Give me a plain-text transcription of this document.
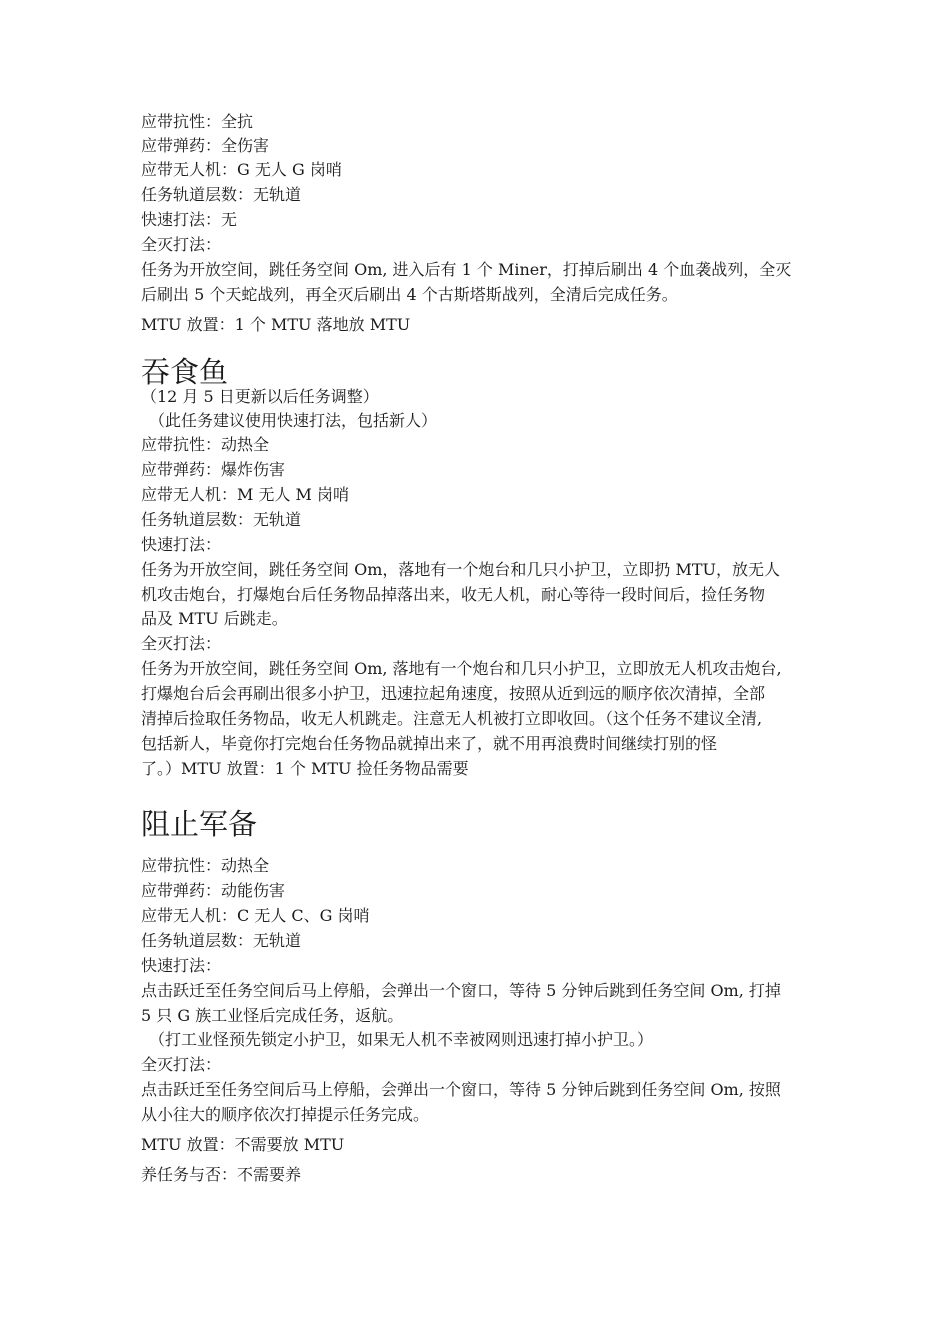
应带抗性：全抗
应带弹药：全伤害
应带无人机：G 无人 G 岗哨
任务轨道层数：无轨道
快速打法：无
全灭打法：
任务为开放空间，跳任务空间 Om, 进入后有 1 个 Miner，打掉后刷出 4 个血袭战列，全灭
后刷出 5 个天蛇战列，再全灭后刷出 4 个古斯塔斯战列，全清后完成任务。
MTU 放置：1 个 MTU 落地放 MTU
吞食鱼
（12 月 5 日更新以后任务调整）
（此任务建议使用快速打法，包括新人）
应带抗性：动热全
应带弹药：爆炸伤害
应带无人机：M 无人 M 岗哨
任务轨道层数：无轨道
快速打法：
任务为开放空间，跳任务空间 Om，落地有一个炮台和几只小护卫，立即扔 MTU，放无人
机攻击炮台，打爆炮台后任务物品掉落出来，收无人机，耐心等待一段时间后，捡任务物
品及 MTU 后跳走。
全灭打法：
任务为开放空间，跳任务空间 Om, 落地有一个炮台和几只小护卫，立即放无人机攻击炮台,
打爆炮台后会再刷出很多小护卫，迅速拉起角速度，按照从近到远的顺序依次清掉，全部
清掉后捡取任务物品，收无人机跳走。注意无人机被打立即收回。（这个任务不建议全清,
包括新人，毕竟你打完炮台任务物品就掉出来了，就不用再浪费时间继续打别的怪
了。）MTU 放置：1 个 MTU 捡任务物品需要
阻止军备
应带抗性：动热全
应带弹药：动能伤害
应带无人机：C 无人 C、G 岗哨
任务轨道层数：无轨道
快速打法：
点击跃迁至任务空间后马上停船，会弹出一个窗口，等待 5 分钟后跳到任务空间 Om, 打掉
5 只 G 族工业怪后完成任务，返航。
（打工业怪预先锁定小护卫，如果无人机不幸被网则迅速打掉小护卫。）
全灭打法：
点击跃迁至任务空间后马上停船，会弹出一个窗口，等待 5 分钟后跳到任务空间 Om, 按照
从小往大的顺序依次打掉提示任务完成。
MTU 放置：不需要放 MTU
养任务与否：不需要养
